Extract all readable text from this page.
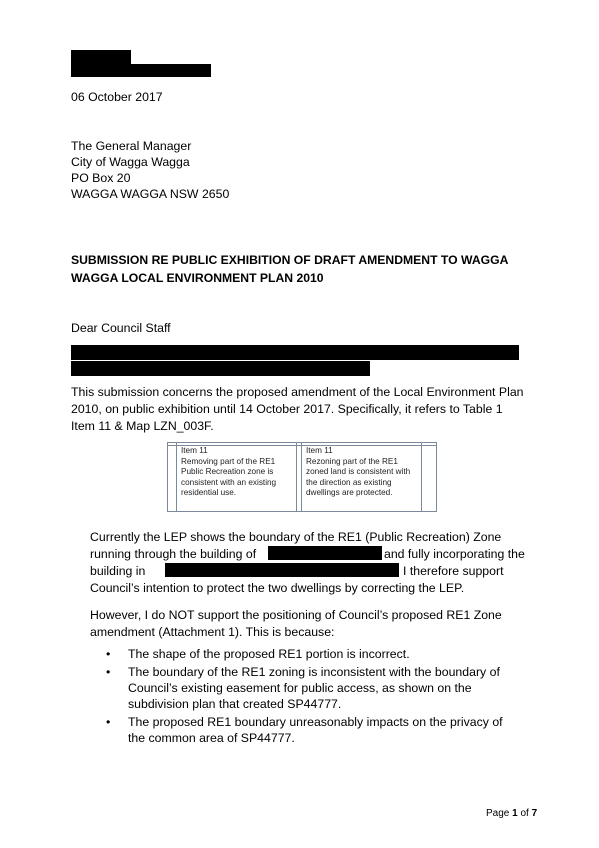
06 October 2017
The General Manager
City of Wagga Wagga
PO Box 20
WAGGA WAGGA NSW 2650
SUBMISSION RE PUBLIC EXHIBITION OF DRAFT AMENDMENT TO WAGGA
WAGGA LOCAL ENVIRONMENT PLAN 2010
Dear Council Staff
This submission concerns the proposed amendment of the Local Environment Plan
2010, on public exhibition until 14 October 2017. Specifically, it refers to Table 1
Item 11 & Map LZN_003F.
Item 11
Removing part of the RE1
Public Recreation zone is
consistent with an existing
residential use.
Item 11
Rezoning part of the RE1
zoned land is consistent with
the direction as existing
dwellings are protected.
Currently the LEP shows the boundary of the RE1 (Public Recreation) Zone
running through the building of	and fully incorporating the
building in	I therefore support
Council’s intention to protect the two dwellings by correcting the LEP.
However, I do NOT support the positioning of Council’s proposed RE1 Zone
amendment (Attachment 1). This is because:
• The shape of the proposed RE1 portion is incorrect.
• The boundary of the RE1 zoning is inconsistent with the boundary of
Council’s existing easement for public access, as shown on the
subdivision plan that created SP44777.
• The proposed RE1 boundary unreasonably impacts on the privacy of
the common area of SP44777.
Page 1 of 7
